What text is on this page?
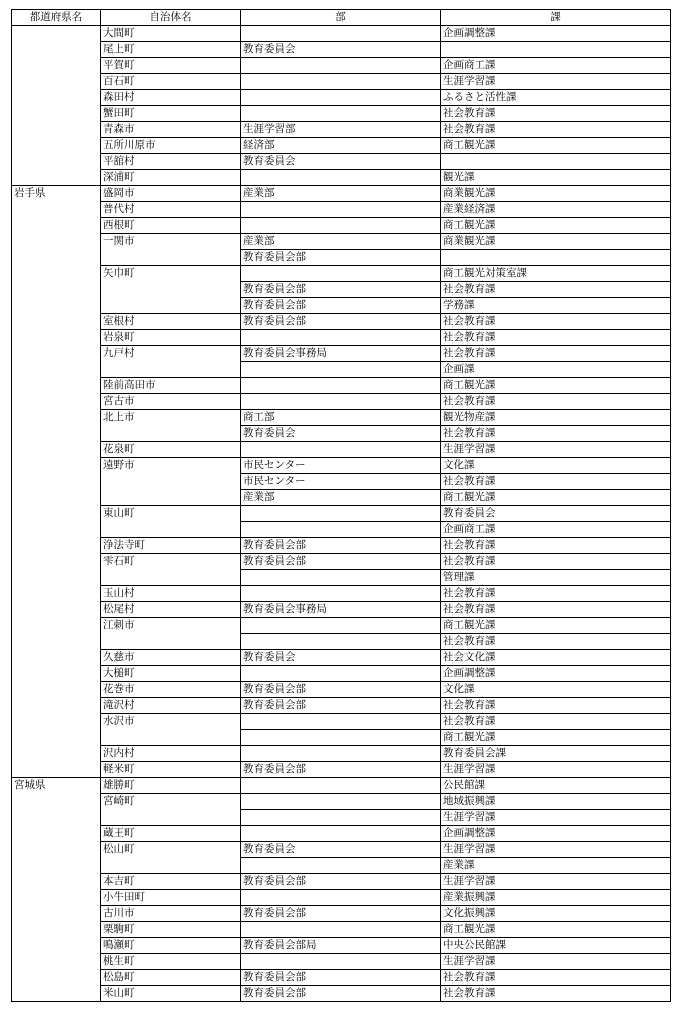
都道府県名	自治体名	部	課
	大間町		企画調整課
	尾上町	教育委員会	
	平賀町		企画商工課
	百石町		生涯学習課
	森田村		ふるさと活性課
	蟹田町		社会教育課
	青森市	生涯学習部	社会教育課
	五所川原市	経済部	商工観光課
	平舘村	教育委員会	
	深浦町		観光課
岩手県	盛岡市	産業部	商業観光課
	普代村		産業経済課
	西根町		商工観光課
	一関市	産業部	商業観光課
		教育委員会部	
	矢巾町		商工観光対策室課
		教育委員会部	社会教育課
		教育委員会部	学務課
	室根村	教育委員会部	社会教育課
	岩泉町		社会教育課
	九戸村	教育委員会事務局	社会教育課
			企画課
	陸前高田市		商工観光課
	宮古市		社会教育課
	北上市	商工部	観光物産課
		教育委員会	社会教育課
	花泉町		生涯学習課
	遠野市	市民センター	文化課
		市民センター	社会教育課
		産業部	商工観光課
	東山町		教育委員会
			企画商工課
	浄法寺町	教育委員会部	社会教育課
	雫石町	教育委員会部	社会教育課
			管理課
	玉山村		社会教育課
	松尾村	教育委員会事務局	社会教育課
	江刺市		商工観光課
			社会教育課
	久慈市	教育委員会	社会文化課
	大槌町		企画調整課
	花巻市	教育委員会部	文化課
	滝沢村	教育委員会部	社会教育課
	水沢市		社会教育課
			商工観光課
	沢内村		教育委員会課
	軽米町	教育委員会部	生涯学習課
宮城県	雄勝町		公民館課
	宮崎町		地域振興課
			生涯学習課
	蔵王町		企画調整課
	松山町	教育委員会	生涯学習課
			産業課
	本吉町	教育委員会部	生涯学習課
	小牛田町		産業振興課
	古川市	教育委員会部	文化振興課
	栗駒町		商工観光課
	鳴瀬町	教育委員会部局	中央公民館課
	桃生町		生涯学習課
	松島町	教育委員会部	社会教育課
	米山町	教育委員会部	社会教育課
